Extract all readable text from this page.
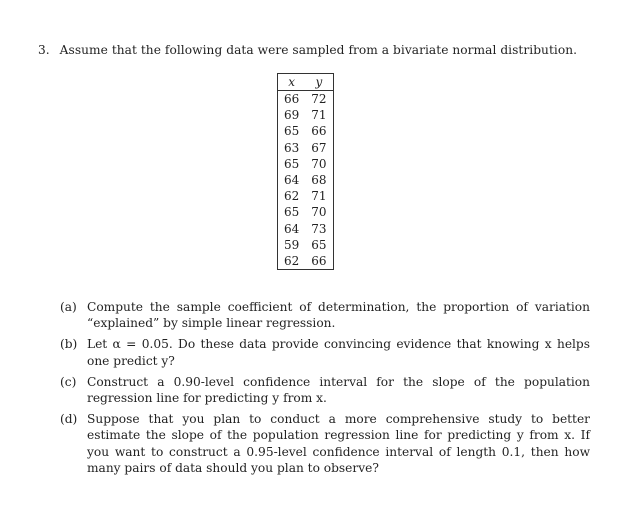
3. Assume that the following data were sampled from a bivariate normal distribution.
x	y
66	72
69	71
65	66
63	67
65	70
64	68
62	71
65	70
64	73
59	65
62	66
(a) Compute the sample coefficient of determination, the proportion of variation “explained” by simple linear regression.
(b) Let α = 0.05. Do these data provide convincing evidence that knowing x helps one predict y?
(c) Construct a 0.90-level confidence interval for the slope of the population regression line for predicting y from x.
(d) Suppose that you plan to conduct a more comprehensive study to better estimate the slope of the population regression line for predicting y from x. If you want to construct a 0.95-level confidence interval of length 0.1, then how many pairs of data should you plan to observe?
